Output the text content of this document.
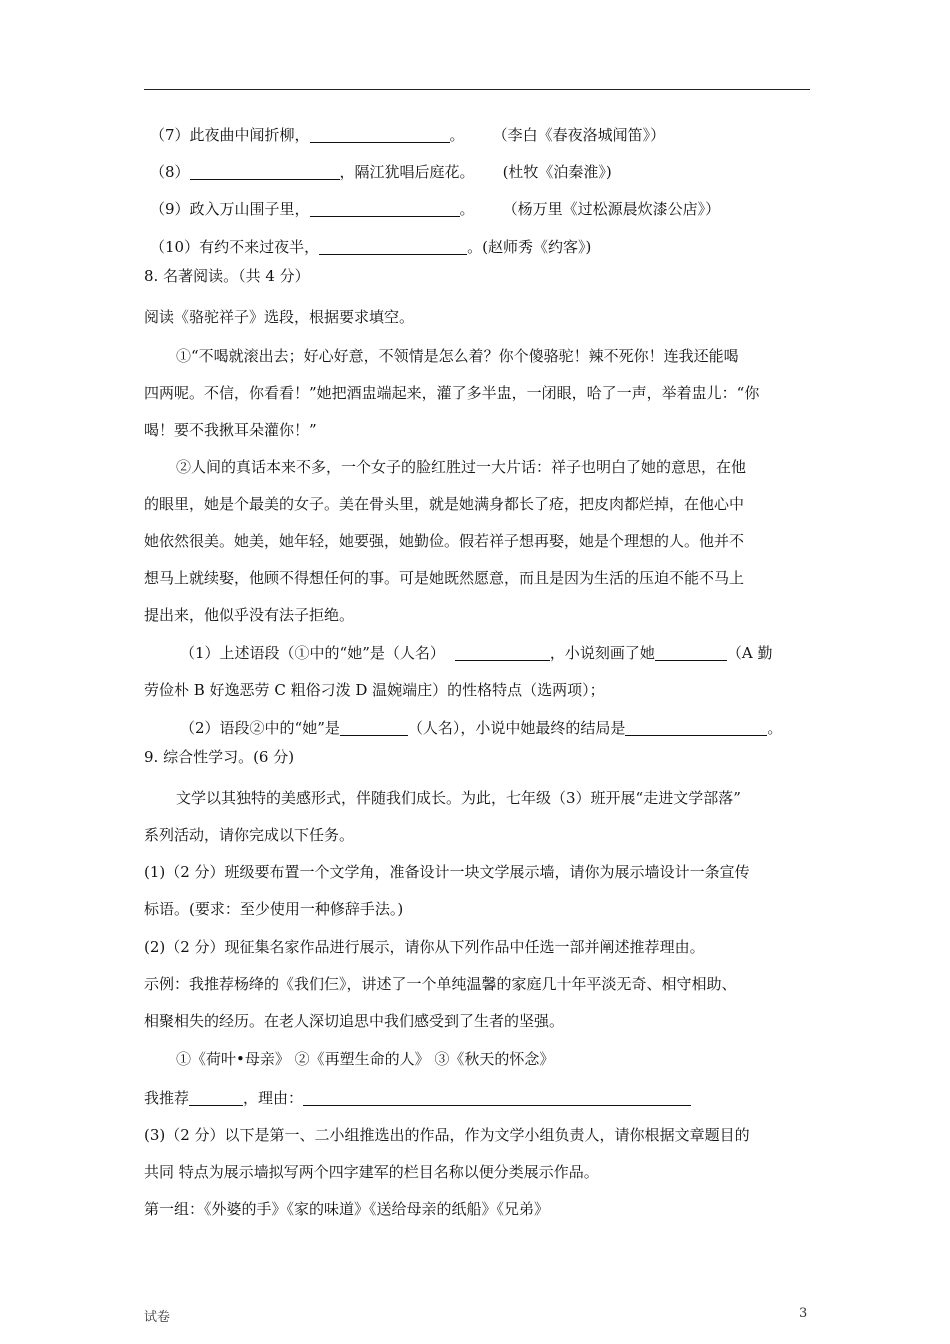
（7）此夜曲中闻折柳，	。 （李白《春夜洛城闻笛》）
（8）	，隔江犹唱后庭花。 (杜牧《泊秦淮》)
（9）政入万山围子里，	。 （杨万里《过松源晨炊漆公店》）
（10）有约不来过夜半，	。(赵师秀《约客》)
8. 名著阅读。（共 4 分）
阅读《骆驼祥子》选段，根据要求填空。
①“不喝就滚出去；好心好意，不领情是怎么着？你个傻骆驼！辣不死你！连我还能喝
四两呢。不信，你看看！”她把酒盅端起来，灌了多半盅，一闭眼，哈了一声，举着盅儿：“你
喝！要不我揪耳朵灌你！”
②人间的真话本来不多，一个女子的脸红胜过一大片话：祥子也明白了她的意思，在他
的眼里，她是个最美的女子。美在骨头里，就是她满身都长了疮，把皮肉都烂掉，在他心中
她依然很美。她美，她年轻，她要强，她勤俭。假若祥子想再娶，她是个理想的人。他并不
想马上就续娶，他顾不得想任何的事。可是她既然愿意，而且是因为生活的压迫不能不马上
提出来，他似乎没有法子拒绝。
（1）上述语段（①中的“她”是（人名）	，小说刻画了她	（A 勤
劳俭朴 B 好逸恶劳 C 粗俗刁泼 D 温婉端庄）的性格特点（选两项）；
（2）语段②中的“她”是	（人名），小说中她最终的结局是	。
9. 综合性学习。(6 分)
文学以其独特的美感形式，伴随我们成长。为此，七年级（3）班开展“走进文学部落”
系列活动，请你完成以下任务。
(1)（2 分）班级要布置一个文学角，准备设计一块文学展示墙，请你为展示墙设计一条宣传
标语。(要求：至少使用一种修辞手法。)
(2)（2 分）现征集名家作品进行展示，请你从下列作品中任选一部并阐述推荐理由。
示例：我推荐杨绛的《我们仨》，讲述了一个单纯温馨的家庭几十年平淡无奇、相守相助、
相聚相失的经历。在老人深切追思中我们感受到了生者的坚强。
①《荷叶•母亲》 ②《再塑生命的人》 ③《秋天的怀念》
我推荐	，理由：
(3)（2 分）以下是第一、二小组推选出的作品，作为文学小组负责人，请你根据文章题目的
共同 特点为展示墙拟写两个四字建军的栏目名称以便分类展示作品。
第一组：《外婆的手》《家的味道》《送给母亲的纸船》《兄弟》
试卷	3
